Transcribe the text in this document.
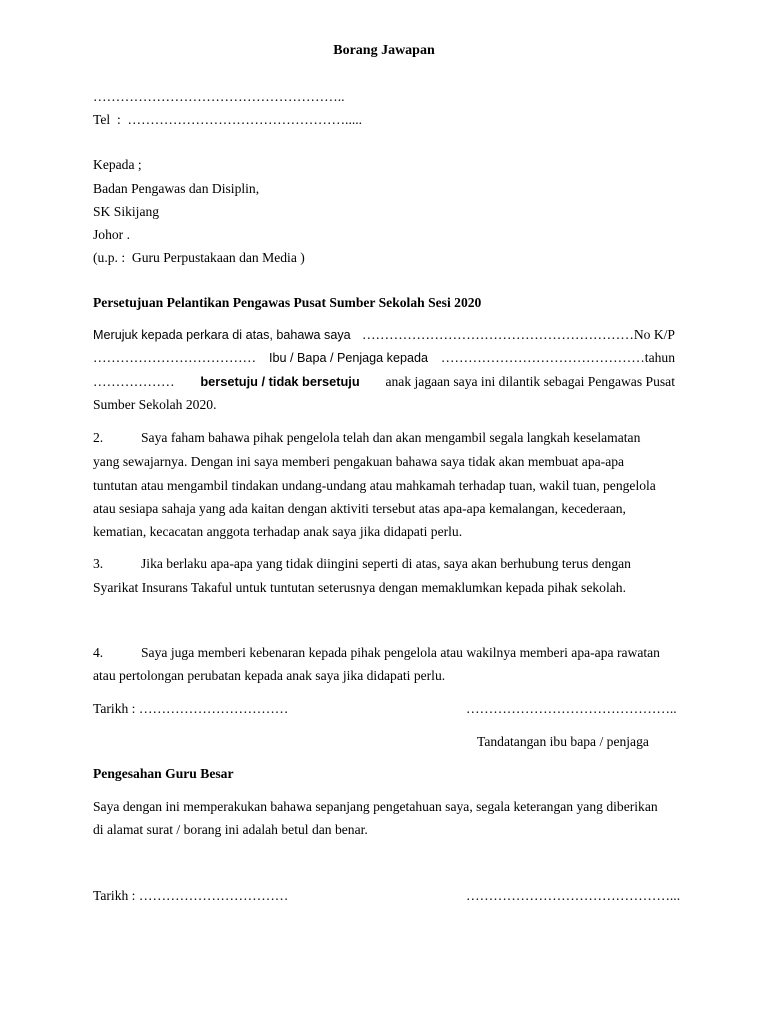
Borang Jawapan
………………………………………………..
Tel : ………………………………………….....
Kepada ;
Badan Pengawas dan Disiplin,
SK Sikijang
Johor .
(u.p. :  Guru Perpustakaan dan Media )
Persetujuan Pelantikan Pengawas Pusat Sumber Sekolah Sesi 2020
Merujuk kepada perkara di atas, bahawa saya ……………………………………………………No K/P
……………………………… Ibu / Bapa / Penjaga kepada ………………………………………tahun
……………… bersetuju / tidak bersetuju anak jagaan saya ini dilantik sebagai Pengawas Pusat
Sumber Sekolah 2020.
2.	Saya faham bahawa pihak pengelola telah dan akan mengambil segala langkah keselamatan
yang sewajarnya. Dengan ini saya memberi pengakuan bahawa saya tidak akan membuat apa-apa
tuntutan atau mengambil tindakan undang-undang atau mahkamah terhadap tuan, wakil tuan, pengelola
atau sesiapa sahaja yang ada kaitan dengan aktiviti tersebut atas apa-apa kemalangan, kecederaan,
kematian, kecacatan anggota terhadap anak saya jika didapati perlu.
3.	Jika berlaku apa-apa yang tidak diingini seperti di atas, saya akan berhubung terus dengan
Syarikat Insurans Takaful untuk tuntutan seterusnya dengan memaklumkan kepada pihak sekolah.
4.	Saya juga memberi kebenaran kepada pihak pengelola atau wakilnya memberi apa-apa rawatan
atau pertolongan perubatan kepada anak saya jika didapati perlu.
Tarikh : ……………………………	………………………………………..
Tandatangan ibu bapa / penjaga
Pengesahan Guru Besar
Saya dengan ini memperakukan bahawa sepanjang pengetahuan saya, segala keterangan yang diberikan
di alamat surat / borang ini adalah betul dan benar.
Tarikh : ……………………………	………………………………………...
